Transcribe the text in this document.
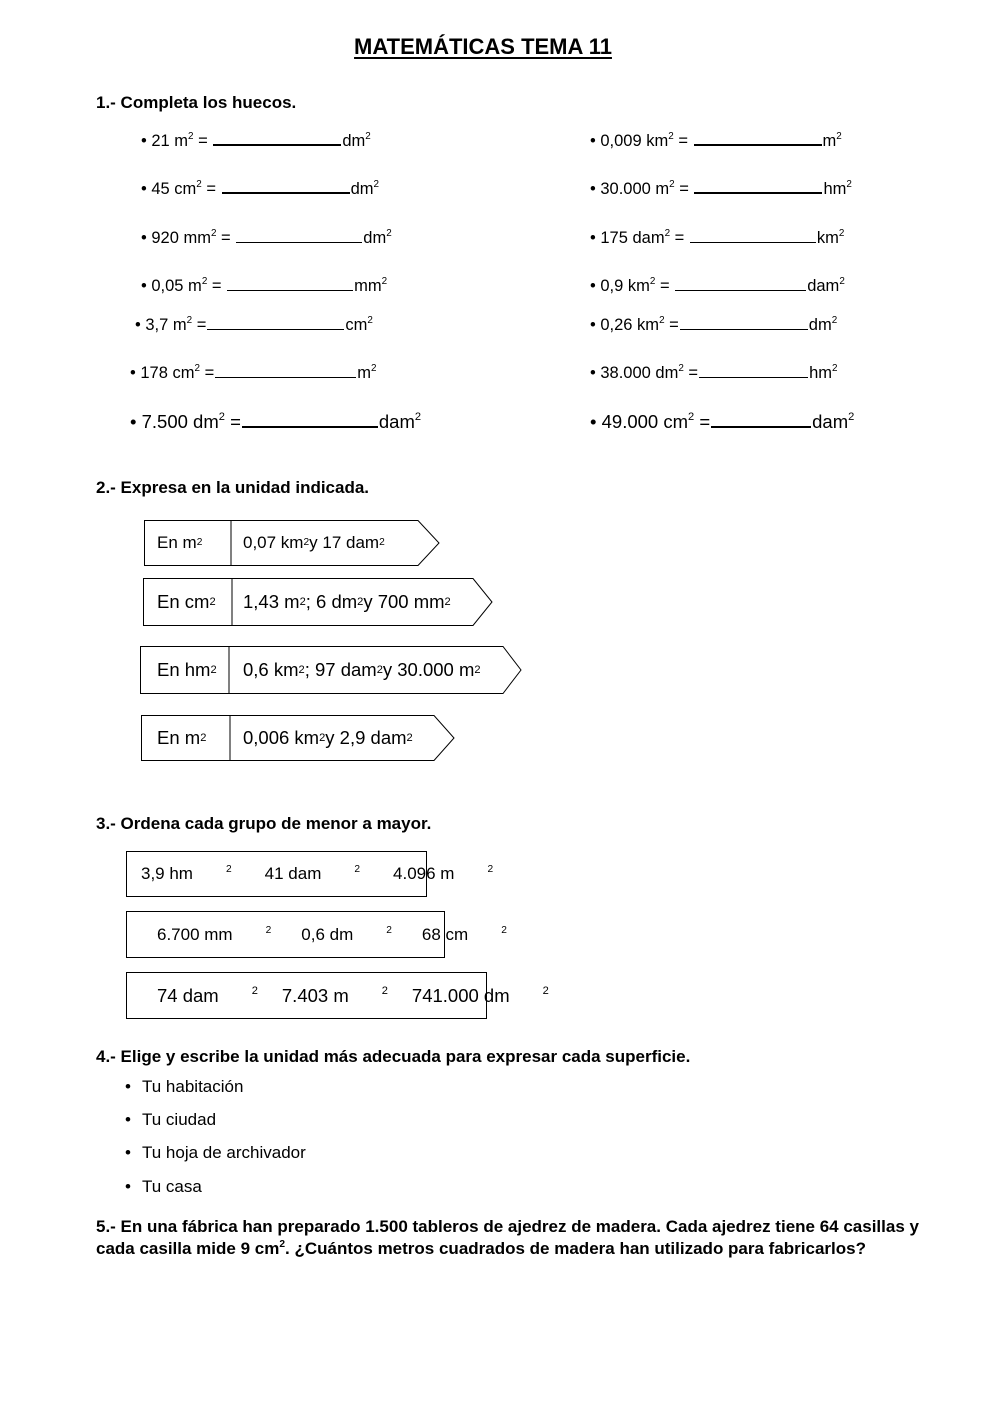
MATEMÁTICAS TEMA 11
1.- Completa los huecos.
• 21 $m^2$ =	$dm^2$	• 0,009 $km^2$ =	$m^2$
• 45 $cm^2$ =	$dm^2$	• 30.000 $m^2$ =	$hm^2$
• 920 $mm^2$ =	$dm^2$	• 175 dam$^2$ =	$km^2$
• 0,05 $m^2$ =	$mm^2$	• 0,9 $km^2$ =	dam$^2$
• 3,7 $m^2$ =	$cm^2$	• 0,26 $km^2$ =	$dm^2$
• 178 $cm^2$ =	$m^2$	• 38.000 $dm^2$ =	$hm^2$
• 7.500 $dm^2$ =	dam$^2$	• 49.000 $cm^2$ =	dam$^2$
2.- Expresa en la unidad indicada.
En m 2 0,07 km 2 y 17 dam 2
En cm 2 1,43 m 2 ; 6 dm 2 y 700 mm 2
En hm 2 0,6 km 2 ; 97 dam 2 y 30.000 m 2
En m 2 0,006 km 2 y 2,9 dam 2
3.- Ordena cada grupo de menor a mayor.
3,9 hm	$^2$ 41 dam	$^2$ 4.096 m	$^2$
6.700 mm	$^2$ 0,6 dm	$^2$ 68 cm	$^2$
74 dam	$^2$ 7.403 m	$^2$ 741.000 dm	$^2$
4.- Elige y escribe la unidad más adecuada para expresar cada superficie.
• Tu habitación
• Tu ciudad
• Tu hoja de archivador
• Tu casa
5.- En una fábrica han preparado 1.500 tableros de ajedrez de madera. Cada ajedrez tiene 64 casillas y cada casilla mide 9 $cm^2$. ¿Cuántos metros cuadrados de madera han utilizado para fabricarlos?
